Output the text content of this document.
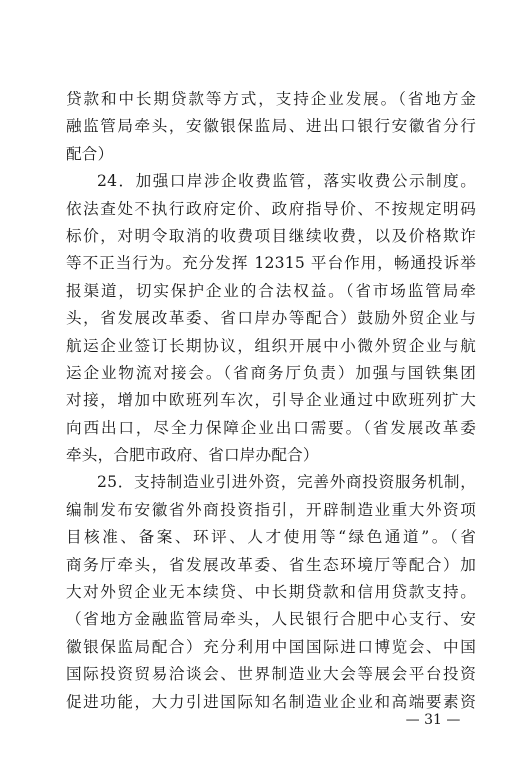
贷款和中长期贷款等方式，支持企业发展。（省地方金
融监管局牵头，安徽银保监局、进出口银行安徽省分行
配合）
24．加强口岸涉企收费监管，落实收费公示制度。
依法查处不执行政府定价、政府指导价、不按规定明码
标价，对明令取消的收费项目继续收费，以及价格欺诈
等不正当行为。充分发挥 12315 平台作用，畅通投诉举
报渠道，切实保护企业的合法权益。（省市场监管局牵
头，省发展改革委、省口岸办等配合）鼓励外贸企业与
航运企业签订长期协议，组织开展中小微外贸企业与航
运企业物流对接会。（省商务厅负责）加强与国铁集团
对接，增加中欧班列车次，引导企业通过中欧班列扩大
向西出口，尽全力保障企业出口需要。（省发展改革委
牵头，合肥市政府、省口岸办配合）
25．支持制造业引进外资，完善外商投资服务机制，
编制发布安徽省外商投资指引，开辟制造业重大外资项
目核准、备案、环评、人才使用等“绿色通道”。（省
商务厅牵头，省发展改革委、省生态环境厅等配合）加
大对外贸企业无本续贷、中长期贷款和信用贷款支持。
（省地方金融监管局牵头，人民银行合肥中心支行、安
徽银保监局配合）充分利用中国国际进口博览会、中国
国际投资贸易洽谈会、世界制造业大会等展会平台投资
促进功能，大力引进国际知名制造业企业和高端要素资
— 31 —
